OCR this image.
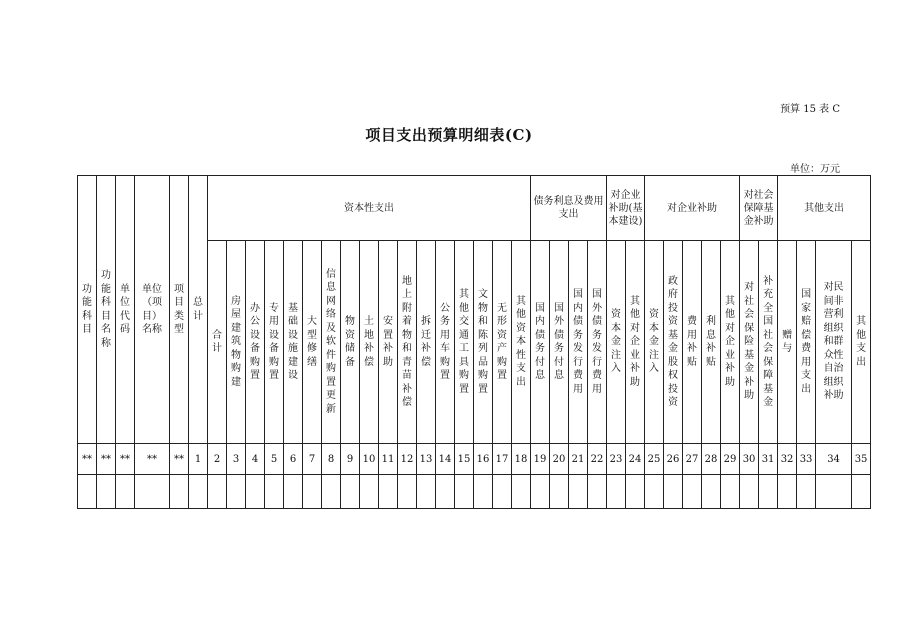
预算 15 表 C
项目支出预算明细表(C)
单位：万元
功能科目	功能科目名称	单位代码	单位（项目）名称	项目类型	总计	资本性支出																	债务利息及费用支出				对企业补助(基本建设)		对企业补助					对社会保障基金补助		其他支出			
						合计	房屋建筑物购建	办公设备购置	专用设备购置	基础设施建设	大型修缮	信息网络及软件购置更新	物资储备	土地补偿	安置补助	地上附着物和青苗补偿	拆迁补偿	公务用车购置	其他交通工具购置	文物和陈列品购置	无形资产购置	其他资本性支出	国内债务付息	国外债务付息	国内债务发行费用	国外债务发行费用	资本金注入	其他对企业补助	资本金注入	政府投资基金股权投资	费用补贴	利息补贴	其他对企业补助	对社会保险基金补助	补充全国社会保障基金	赠与	国家赔偿费用支出	对民间非营利组织和群众性自治组织补助	其他支出
**	**	**	**	**	1	2	3	4	5	6	7	8	9	10	11	12	13	14	15	16	17	18	19	20	21	22	23	24	25	26	27	28	29	30	31	32	33	34	35
